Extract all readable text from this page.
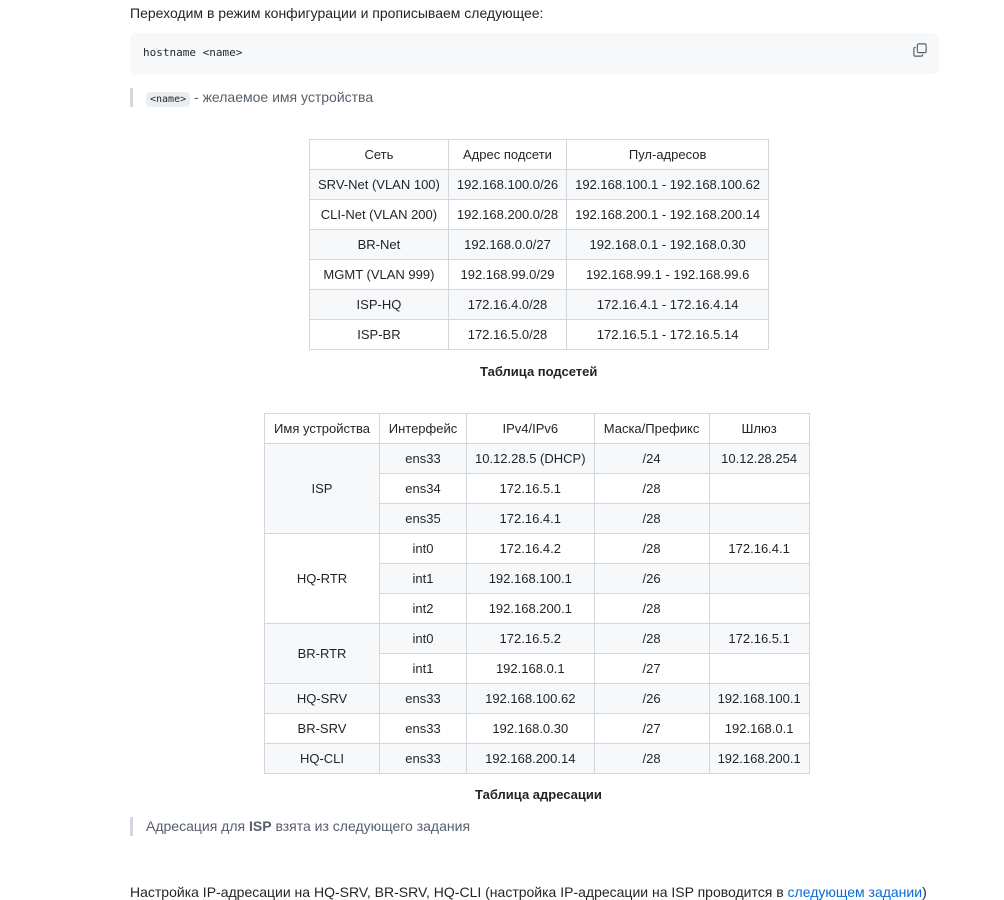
Переходим в режим конфигурации и прописываем следующее:
hostname <name>
<name> - желаемое имя устройства
Адресация для ISP взята из следующего задания
Сеть	Адрес подсети	Пул-адресов
SRV-Net (VLAN 100)	192.168.100.0/26	192.168.100.1 - 192.168.100.62
CLI-Net (VLAN 200)	192.168.200.0/28	192.168.200.1 - 192.168.200.14
BR-Net	192.168.0.0/27	192.168.0.1 - 192.168.0.30
MGMT (VLAN 999)	192.168.99.0/29	192.168.99.1 - 192.168.99.6
ISP-HQ	172.16.4.0/28	172.16.4.1 - 172.16.4.14
ISP-BR	172.16.5.0/28	172.16.5.1 - 172.16.5.14
Таблица подсетей
Имя устройства	Интерфейс	IPv4/IPv6	Маска/Префикс	Шлюз
ISP	ens33	10.12.28.5 (DHCP)	/24	10.12.28.254
	ens34	172.16.5.1	/28	
	ens35	172.16.4.1	/28	
HQ-RTR	int0	172.16.4.2	/28	172.16.4.1
	int1	192.168.100.1	/26	
	int2	192.168.200.1	/28	
BR-RTR	int0	172.16.5.2	/28	172.16.5.1
	int1	192.168.0.1	/27	
HQ-SRV	ens33	192.168.100.62	/26	192.168.100.1
BR-SRV	ens33	192.168.0.30	/27	192.168.0.1
HQ-CLI	ens33	192.168.200.14	/28	192.168.200.1
Таблица адресации
Настройка IP-адресации на HQ-SRV, BR-SRV, HQ-CLI (настройка IP-адресации на ISP проводится в следующем задании)
